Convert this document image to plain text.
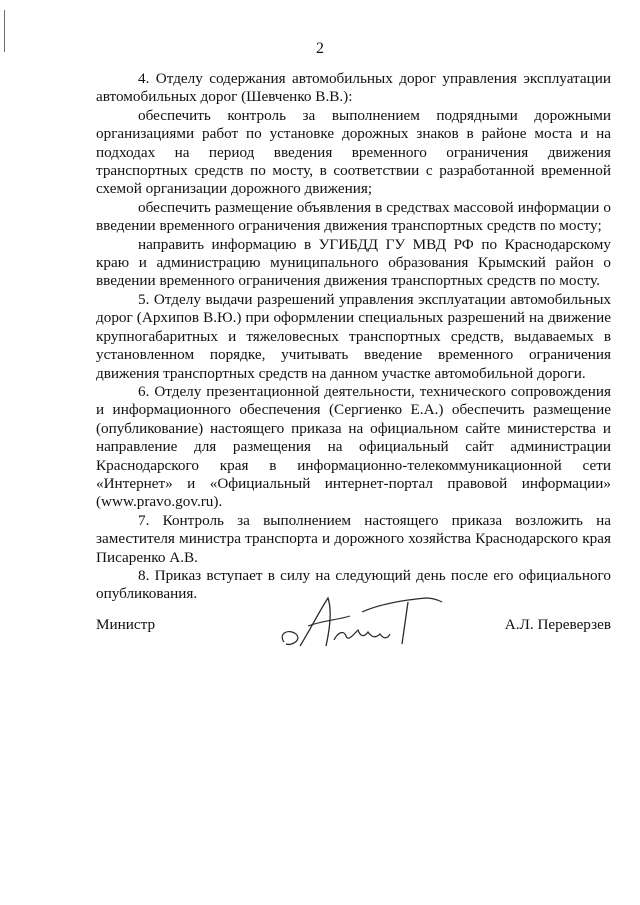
2

4. Отделу содержания автомобильных дорог управления эксплуатации автомобильных дорог (Шевченко В.В.):

обеспечить контроль за выполнением подрядными дорожными организациями работ по установке дорожных знаков в районе моста и на подходах на период введения временного ограничения движения транспортных средств по мосту, в соответствии с разработанной временной схемой организации дорожного движения;

обеспечить размещение объявления в средствах массовой информации о введении временного ограничения движения транспортных средств по мосту;

направить информацию в УГИБДД ГУ МВД РФ по Краснодарскому краю и администрацию муниципального образования Крымский район о введении временного ограничения движения транспортных средств по мосту.

5. Отделу выдачи разрешений управления эксплуатации автомобильных дорог (Архипов В.Ю.) при оформлении специальных разрешений на движение крупногабаритных и тяжеловесных транспортных средств, выдаваемых в установленном порядке, учитывать введение временного ограничения движения транспортных средств на данном участке автомобильной дороги.

6. Отделу презентационной деятельности, технического сопровождения и информационного обеспечения (Сергиенко Е.А.) обеспечить размещение (опубликование) настоящего приказа на официальном сайте министерства и направление для размещения на официальный сайт администрации Краснодарского края в информационно-телекоммуникационной сети «Интернет» и «Официальный интернет-портал правовой информации» (www.pravo.gov.ru).

7. Контроль за выполнением настоящего приказа возложить на заместителя министра транспорта и дорожного хозяйства Краснодарского края Писаренко А.В.

8. Приказ вступает в силу на следующий день после его официального опубликования.

Министр	А.Л. Переверзев
